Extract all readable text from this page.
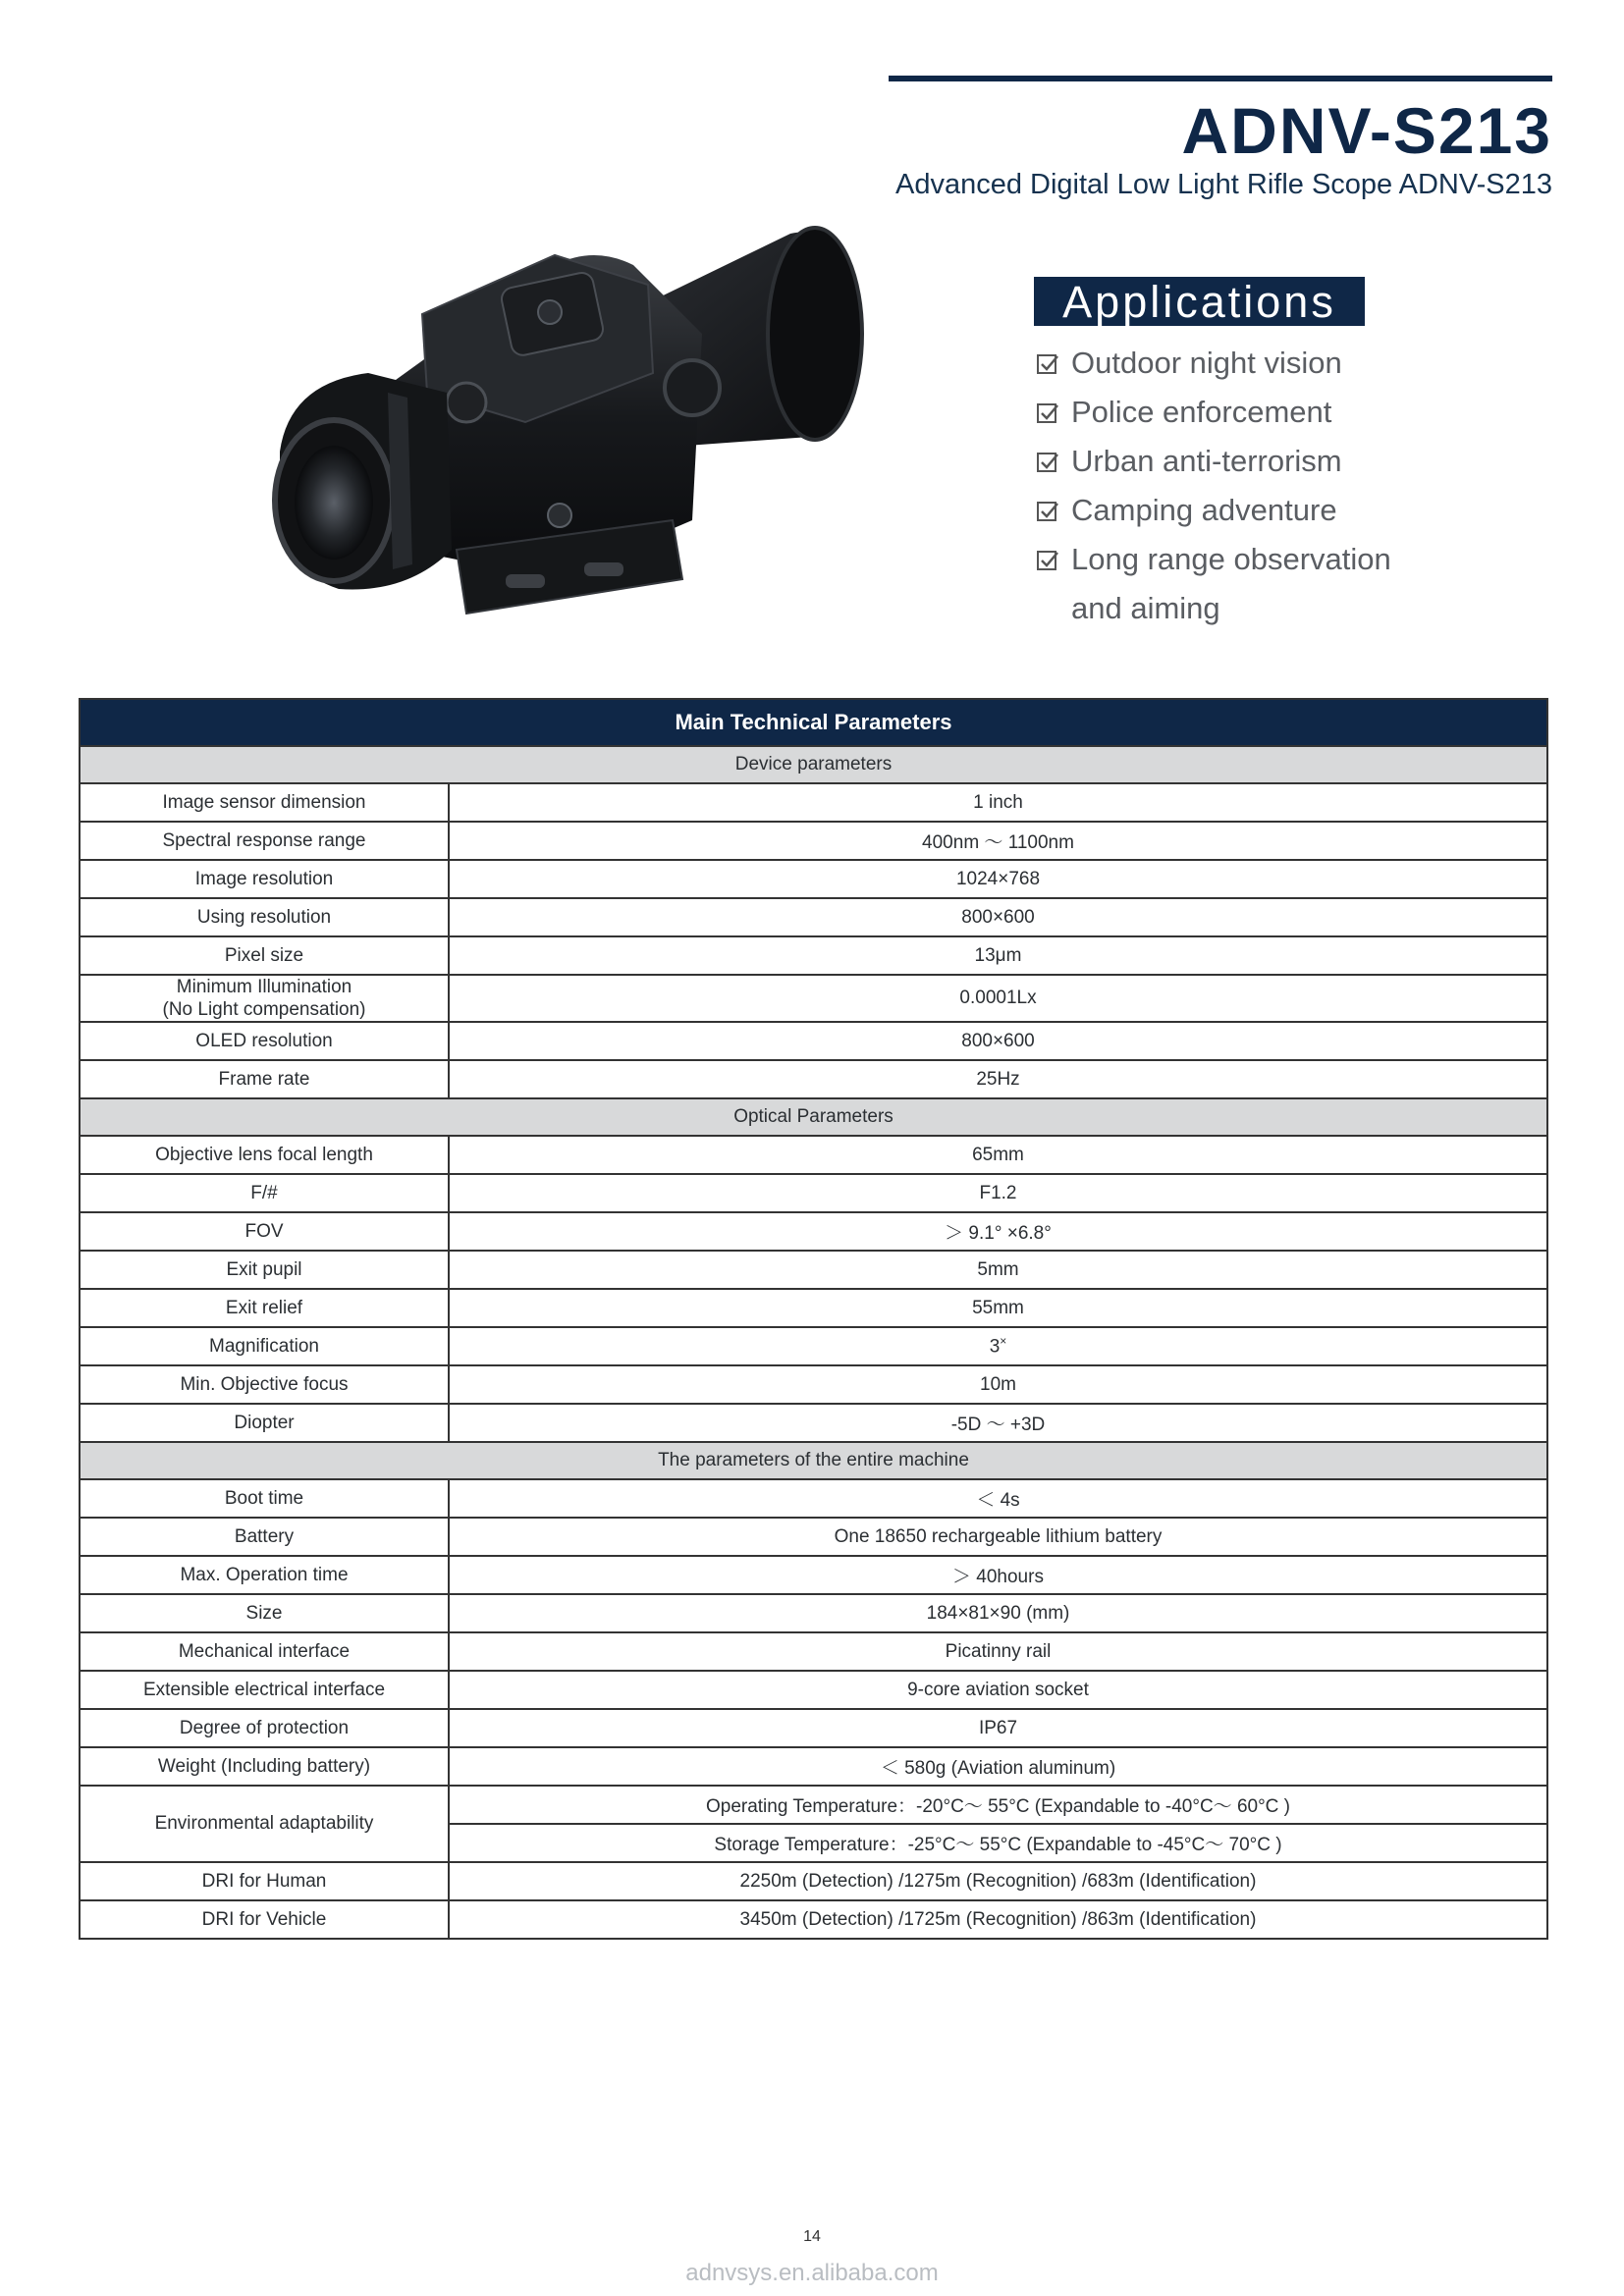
ADNV-S213
Advanced Digital Low Light Rifle Scope ADNV-S213
Applications
Outdoor night vision
Police enforcement
Urban anti-terrorism
Camping adventure
Long range observation
and aiming
Main Technical Parameters	
Device parameters	
Image sensor dimension	1 inch
Spectral response range	400nm ～ 1100nm
Image resolution	1024×768
Using resolution	800×600
Pixel size	13μm

Minimum Illumination
(No Light compensation)	0.0001Lx
OLED resolution	800×600
Frame rate	25Hz
Optical Parameters	
Objective lens focal length	65mm
F/#	F1.2
FOV	＞ 9.1° ×6.8°
Exit pupil	5mm
Exit relief	55mm
Magnification	3×
Min. Objective focus	10m
Diopter	-5D ～ +3D
The parameters of the entire machine	
Boot time	＜ 4s
Battery	One 18650 rechargeable lithium battery
Max. Operation time	＞ 40hours
Size	184×81×90 (mm)
Mechanical interface	Picatinny rail
Extensible electrical interface	9-core aviation socket
Degree of protection	IP67
Weight (Including battery)	＜ 580g (Aviation aluminum)
Environmental adaptability	Operating Temperature：-20°C～ 55°C (Expandable to -40°C～ 60°C )
	Storage Temperature：-25°C～ 55°C (Expandable to -45°C～ 70°C )
DRI for Human	2250m (Detection) /1275m (Recognition) /683m (Identification)
DRI for Vehicle	3450m (Detection) /1725m (Recognition) /863m (Identification)
14
adnvsys.en.alibaba.com
